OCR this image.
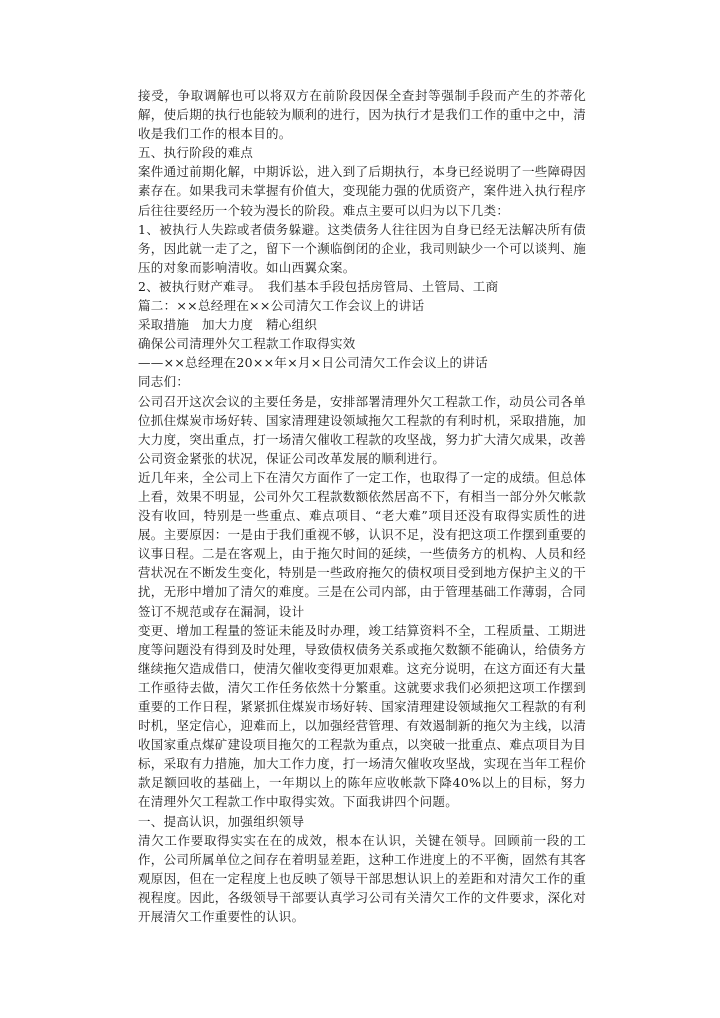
接受，争取调解也可以将双方在前阶段因保全查封等强制手段而产生的芥蒂化解，使后期的执行也能较为顺利的进行，因为执行才是我们工作的重中之中，清收是我们工作的根本目的。

五、执行阶段的难点

案件通过前期化解，中期诉讼，进入到了后期执行，本身已经说明了一些障碍因素存在。如果我司未掌握有价值大，变现能力强的优质资产，案件进入执行程序后往往要经历一个较为漫长的阶段。难点主要可以归为以下几类：

1、被执行人失踪或者债务躲避。这类债务人往往因为自身已经无法解决所有债务，因此就一走了之，留下一个濒临倒闭的企业，我司则缺少一个可以谈判、施压的对象而影响清收。如山西翼众案。

2、被执行财产难寻。　我们基本手段包括房管局、土管局、工商

篇二：××总经理在××公司清欠工作会议上的讲话

采取措施　加大力度　精心组织

确保公司清理外欠工程款工作取得实效

——××总经理在20××年×月×日公司清欠工作会议上的讲话

同志们：

公司召开这次会议的主要任务是，安排部署清理外欠工程款工作，动员公司各单位抓住煤炭市场好转、国家清理建设领域拖欠工程款的有利时机，采取措施，加大力度，突出重点，打一场清欠催收工程款的攻坚战，努力扩大清欠成果，改善公司资金紧张的状况，保证公司改革发展的顺利进行。

近几年来，全公司上下在清欠方面作了一定工作，也取得了一定的成绩。但总体上看，效果不明显，公司外欠工程款数额依然居高不下，有相当一部分外欠帐款没有收回，特别是一些重点、难点项目、“老大难”项目还没有取得实质性的进展。主要原因：一是由于我们重视不够，认识不足，没有把这项工作摆到重要的议事日程。二是在客观上，由于拖欠时间的延续，一些债务方的机构、人员和经营状况在不断发生变化，特别是一些政府拖欠的债权项目受到地方保护主义的干扰，无形中增加了清欠的难度。三是在公司内部，由于管理基础工作薄弱，合同签订不规范或存在漏洞，设计

变更、增加工程量的签证未能及时办理，竣工结算资料不全，工程质量、工期进度等问题没有得到及时处理，导致债权债务关系或拖欠数额不能确认，给债务方继续拖欠造成借口，使清欠催收变得更加艰难。这充分说明，在这方面还有大量工作亟待去做，清欠工作任务依然十分繁重。这就要求我们必须把这项工作摆到重要的工作日程，紧紧抓住煤炭市场好转、国家清理建设领域拖欠工程款的有利时机，坚定信心，迎难而上，以加强经营管理、有效遏制新的拖欠为主线，以清收国家重点煤矿建设项目拖欠的工程款为重点，以突破一批重点、难点项目为目标，采取有力措施，加大工作力度，打一场清欠催收攻坚战，实现在当年工程价款足额回收的基础上，一年期以上的陈年应收帐款下降40%以上的目标，努力在清理外欠工程款工作中取得实效。下面我讲四个问题。

一、提高认识，加强组织领导

清欠工作要取得实实在在的成效，根本在认识，关键在领导。回顾前一段的工作，公司所属单位之间存在着明显差距，这种工作进度上的不平衡，固然有其客观原因，但在一定程度上也反映了领导干部思想认识上的差距和对清欠工作的重视程度。因此，各级领导干部要认真学习公司有关清欠工作的文件要求，深化对开展清欠工作重要性的认识。
